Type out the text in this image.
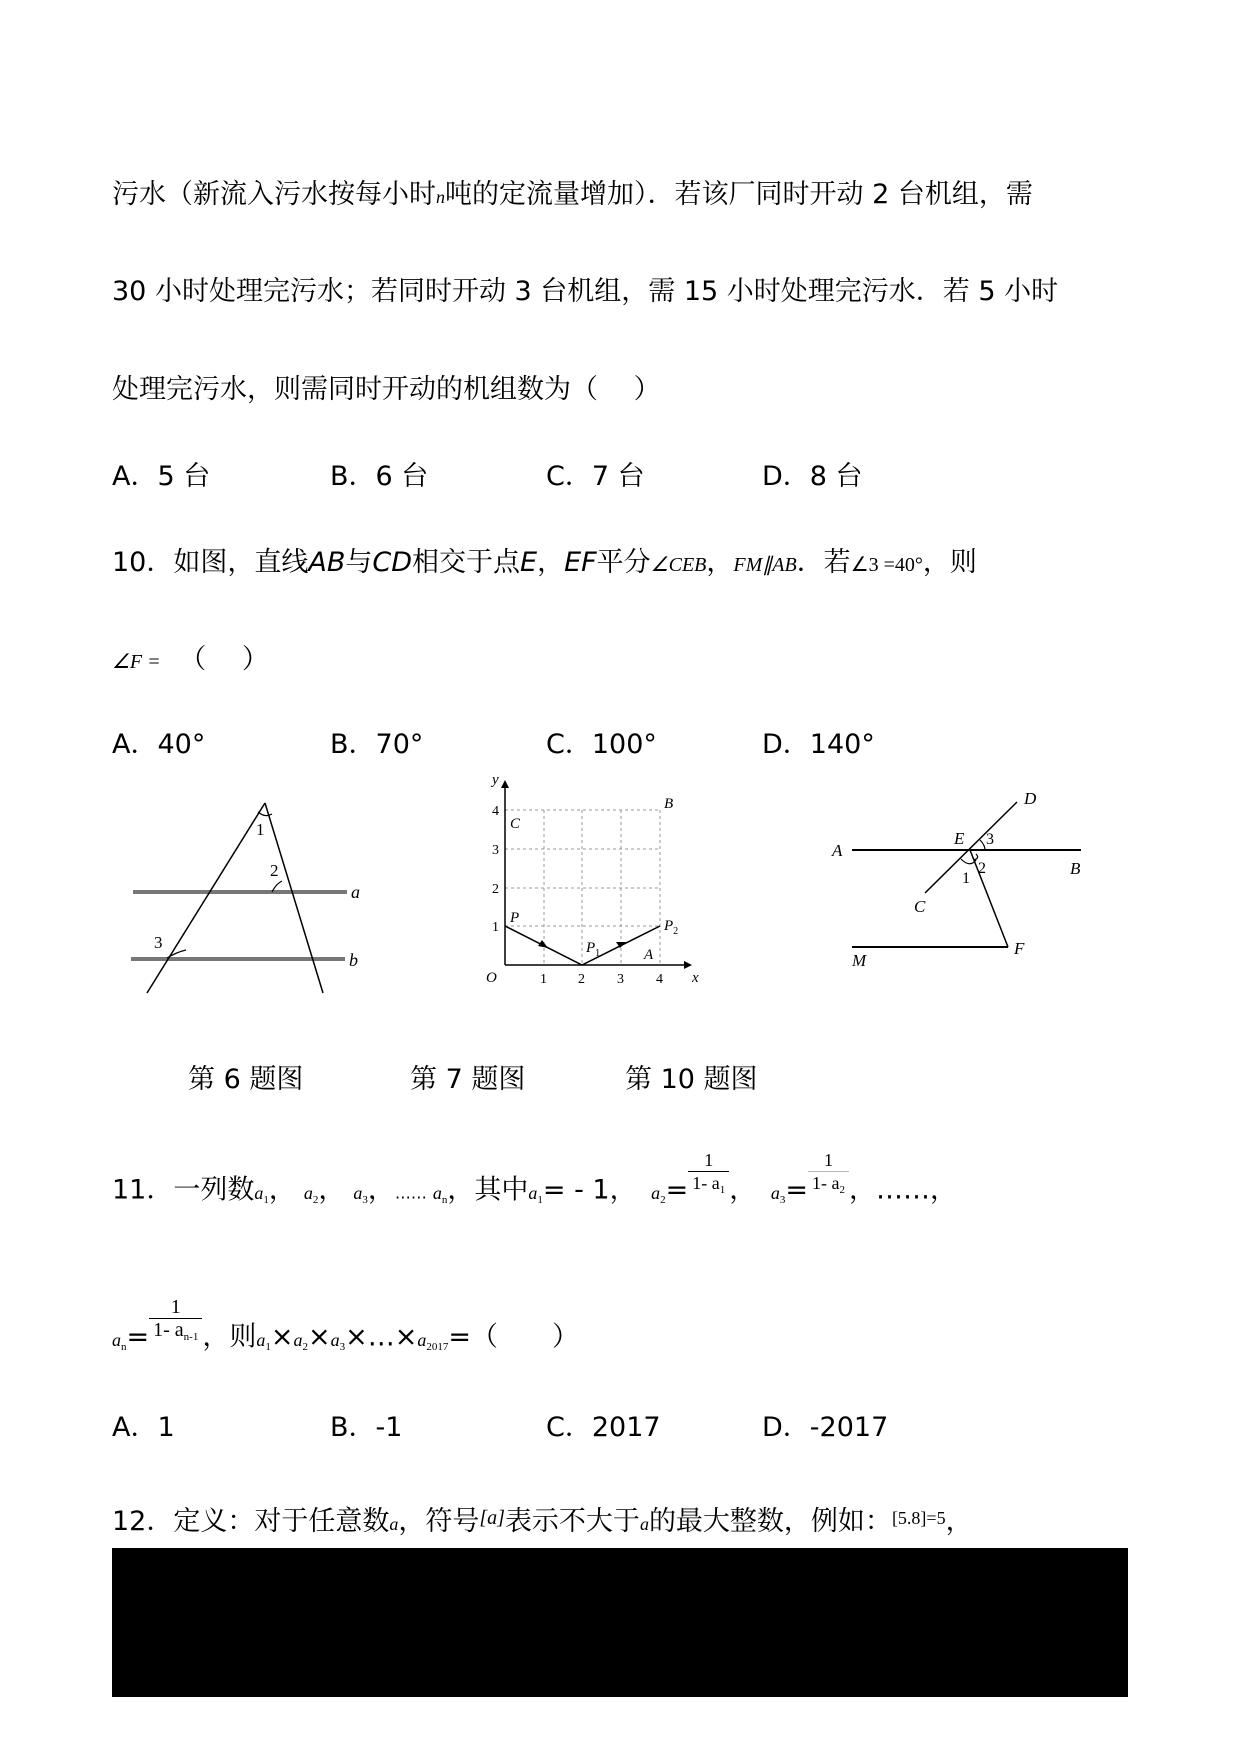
污水（新流入污水按每小时n吨的定流量增加）．若该厂同时开动 2 台机组，需
30 小时处理完污水；若同时开动 3 台机组，需 15 小时处理完污水．若 5 小时
处理完污水，则需同时开动的机组数为（　 ）
A．5 台	B．6 台	C．7 台	D．8 台
10．如图，直线AB与CD相交于点E，EF平分∠CEB，FM∥AB．若∠3 =40°，则
∠F = （　 ）
A．40°	B．70°	C．100°	D．140°
1
2
3
a
b
y
x
O
C
B
P
$P_1$
$P_2$
A
1 2 3 4
1
2
3
4
A
B
C
D
E
F
M
1
2
3
第 6 题图	第 7 题图	第 10 题图
11．一列数$a_1$， $a_2$， $a_3$，…… $a_n$，其中$a_1= - 1$， $a_2= \frac{1}{1- a_1}$ ， $a_3= \frac{1}{1- a_2}$ ，……，
$a_n= \frac{1}{1- a_{n-1}}$ ，则$a_1\times a_2\times a_3\times\dots\times a_{2017}=$（　　）
A．1	B．-1	C．2017	D．-2017
12．定义：对于任意数a，符号[a]表示不大于a的最大整数，例如：$^{[5.8]=5}$，
